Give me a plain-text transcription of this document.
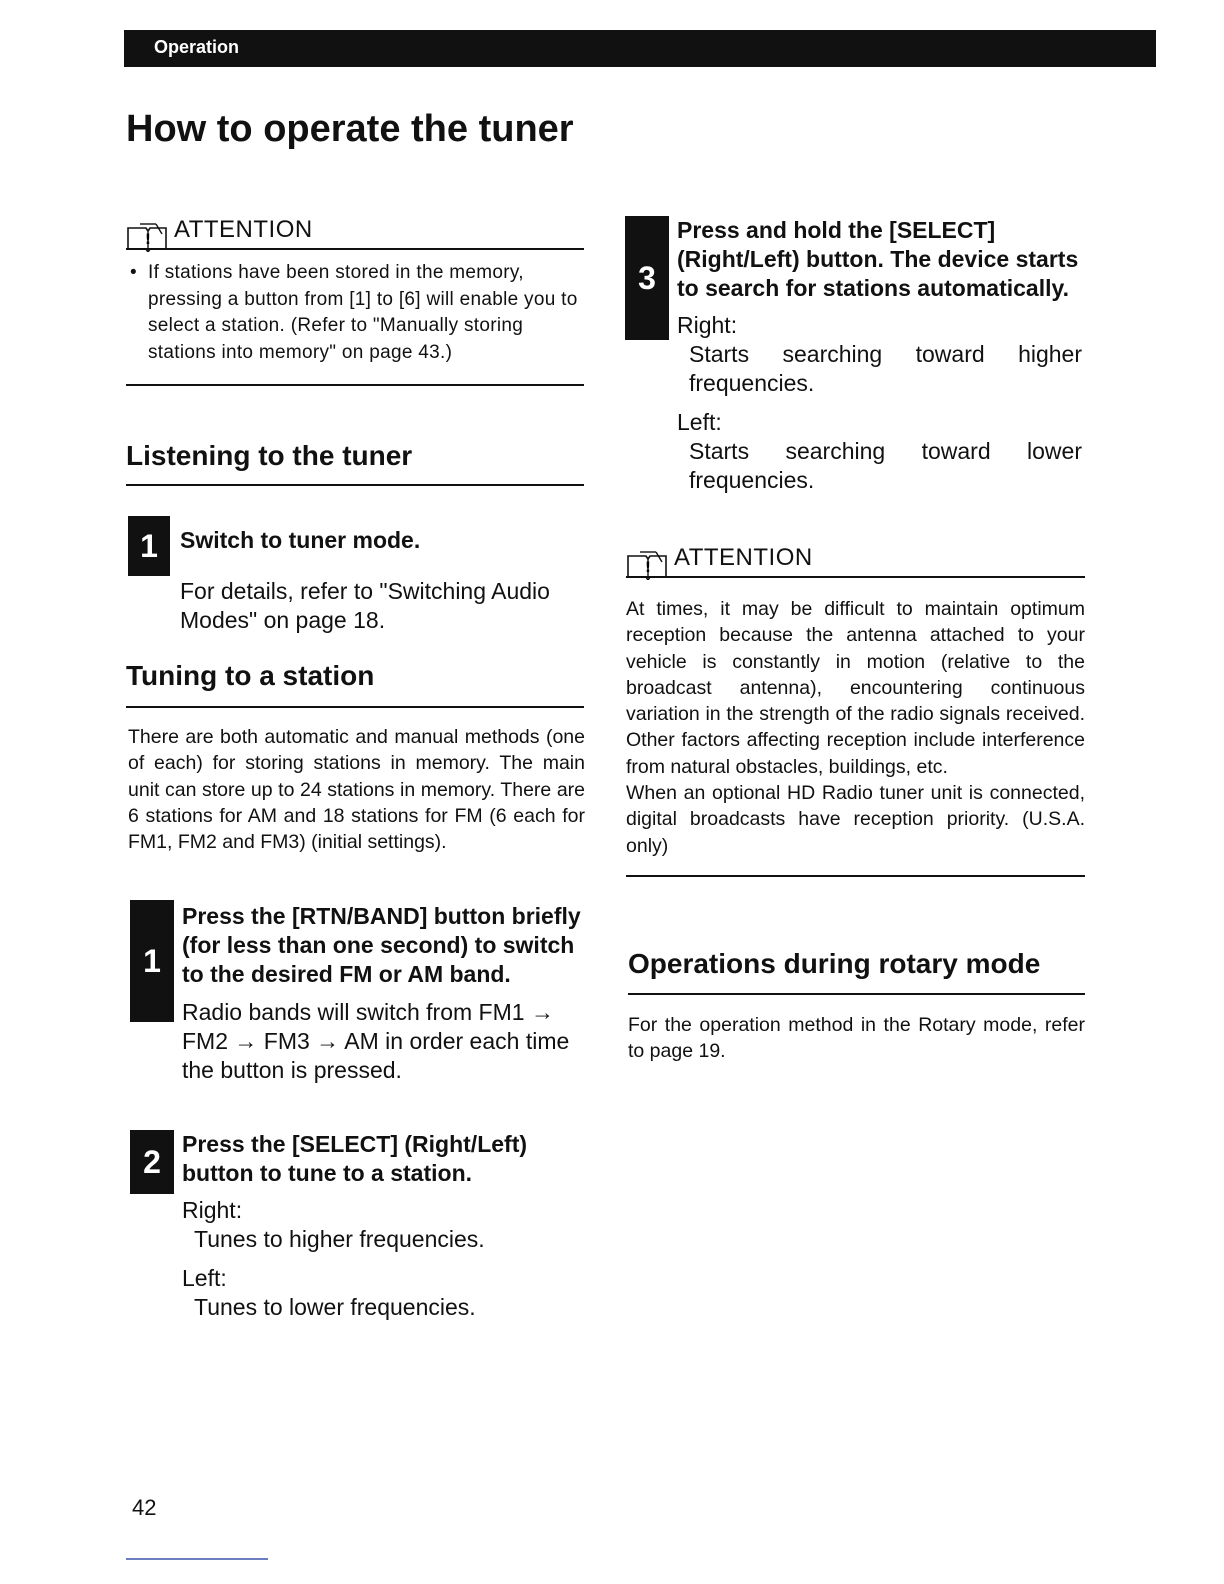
Operation
How to operate the tuner
! ATTENTION
• If stations have been stored in the memory, pressing a button from [1] to [6] will enable you to select a station. (Refer to "Manually storing stations into memory" on page 43.)
Listening to the tuner
1 Switch to tuner mode.
For details, refer to "Switching Audio Modes" on page 18.
Tuning to a station
There are both automatic and manual methods (one of each) for storing stations in memory. The main unit can store up to 24 stations in memory. There are 6 stations for AM and 18 stations for FM (6 each for FM1, FM2 and FM3) (initial settings).
1
Press the [RTN/BAND] button briefly (for less than one second) to switch to the desired FM or AM band.
Radio bands will switch from FM1 → FM2 → FM3 → AM in order each time the button is pressed.
2 Press the [SELECT] (Right/Left) button to tune to a station.
Right:
Tunes to higher frequencies.
Left:
Tunes to lower frequencies.
3
Press and hold the [SELECT] (Right/Left) button. The device starts to search for stations automatically.
Right:
Starts searching toward higher frequencies.
Left:
Starts searching toward lower frequencies.
! ATTENTION
At times, it may be difficult to maintain optimum reception because the antenna attached to your vehicle is constantly in motion (relative to the broadcast antenna), encountering continuous variation in the strength of the radio signals received. Other factors affecting reception include interference from natural obstacles, buildings, etc.
When an optional HD Radio tuner unit is connected, digital broadcasts have reception priority. (U.S.A. only)
Operations during rotary mode
For the operation method in the Rotary mode, refer to page 19.
42
